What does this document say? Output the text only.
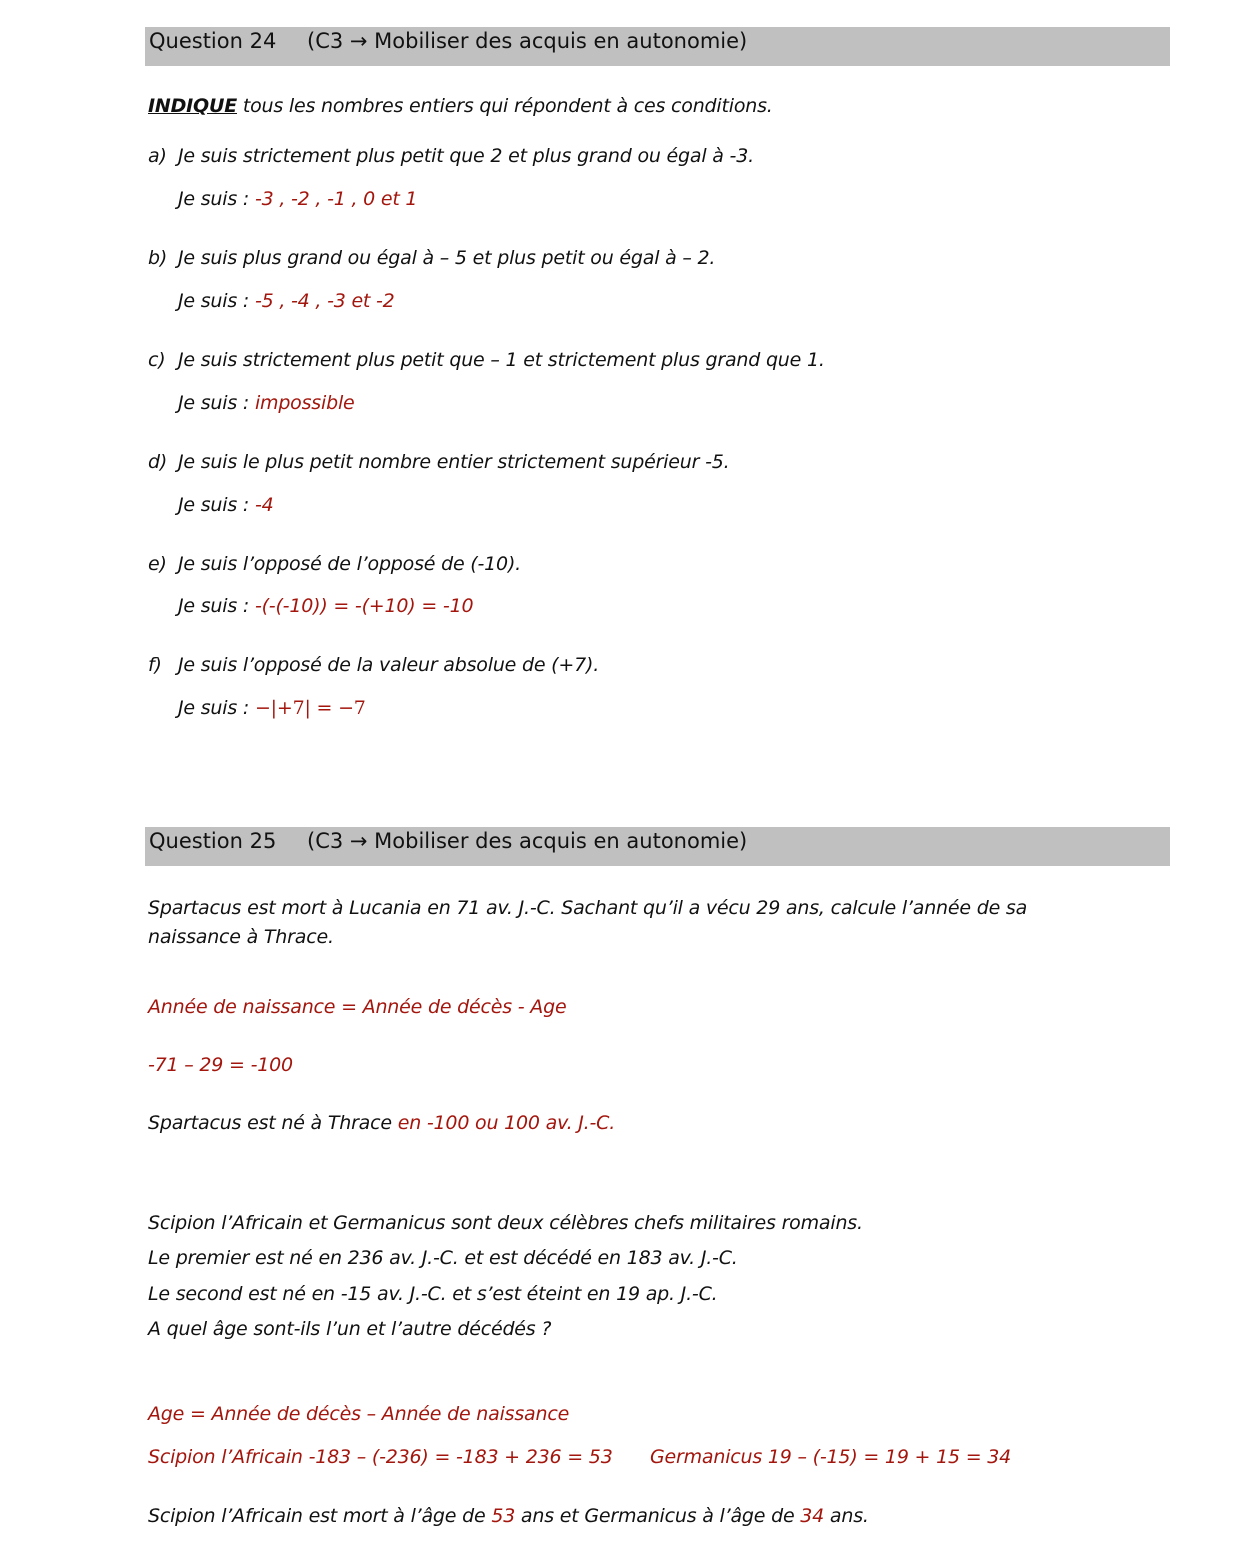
Question 24 (C3 → Mobiliser des acquis en autonomie)
INDIQUE tous les nombres entiers qui répondent à ces conditions.
a) Je suis strictement plus petit que 2 et plus grand ou égal à -3.
Je suis : -3 , -2 , -1 , 0 et 1
b) Je suis plus grand ou égal à – 5 et plus petit ou égal à – 2.
Je suis : -5 , -4 , -3 et -2
c) Je suis strictement plus petit que – 1 et strictement plus grand que 1.
Je suis : impossible
d) Je suis le plus petit nombre entier strictement supérieur -5.
Je suis : -4
e) Je suis l’opposé de l’opposé de (-10).
Je suis : -(-(-10)) = -(+10) = -10
f) Je suis l’opposé de la valeur absolue de (+7).
Je suis : −|+7| = −7
Question 25 (C3 → Mobiliser des acquis en autonomie)
Spartacus est mort à Lucania en 71 av. J.-C. Sachant qu’il a vécu 29 ans, calcule l’année de sa
naissance à Thrace.
Année de naissance = Année de décès - Age
-71 – 29 = -100
Spartacus est né à Thrace en -100 ou 100 av. J.-C.
Scipion l’Africain et Germanicus sont deux célèbres chefs militaires romains.
Le premier est né en 236 av. J.-C. et est décédé en 183 av. J.-C.
Le second est né en -15 av. J.-C. et s’est éteint en 19 ap. J.-C.
A quel âge sont-ils l’un et l’autre décédés ?
Age = Année de décès – Année de naissance
Scipion l’Africain -183 – (-236) = -183 + 236 = 53 Germanicus 19 – (-15) = 19 + 15 = 34
Scipion l’Africain est mort à l’âge de 53 ans et Germanicus à l’âge de 34 ans.
